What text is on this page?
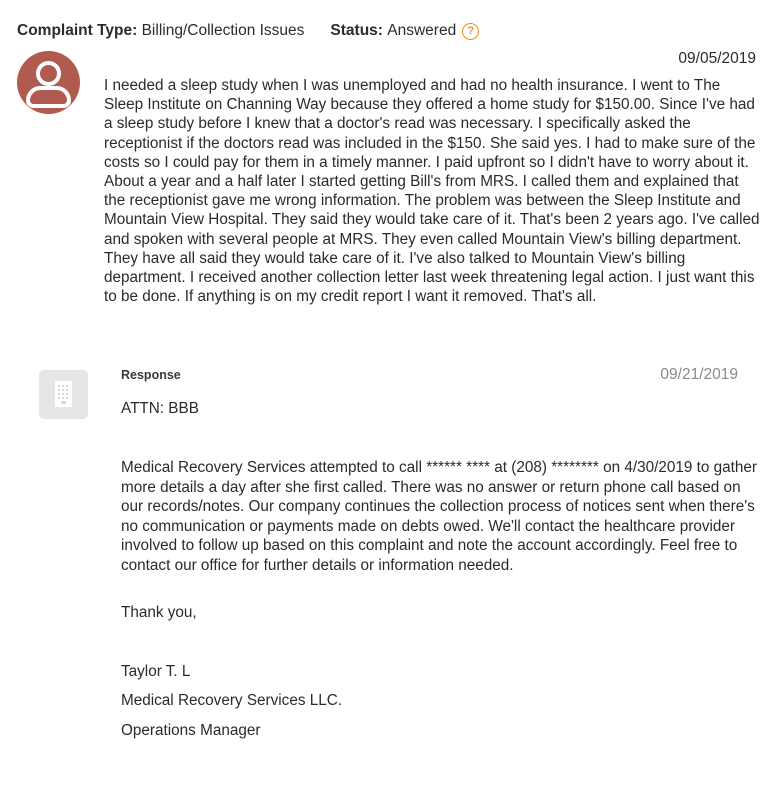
Complaint Type:
Billing/Collection Issues Status:
Answered	?
09/05/2019
I needed a sleep study when I was unemployed and had no health insurance. I went to The Sleep Institute on Channing Way because they offered a home study for $150.00. Since I've had a sleep study before I knew that a doctor's read was necessary. I specifically asked the receptionist if the doctors read was included in the $150. She said yes. I had to make sure of the costs so I could pay for them in a timely manner. I paid upfront so I didn't have to worry about it. About a year and a half later I started getting Bill's from MRS. I called them and explained that the receptionist gave me wrong information. The problem was between the Sleep Institute and Mountain View Hospital. They said they would take care of it. That's been 2 years ago. I've called and spoken with several people at MRS. They even called Mountain View's billing department. They have all said they would take care of it. I've also talked to Mountain View's billing department. I received another collection letter last week threatening legal action. I just want this to be done. If anything is on my credit report I want it removed. That's all.
Response	09/21/2019
ATTN: BBB
Medical Recovery Services attempted to call ****** **** at (208) ******** on 4/30/2019 to gather more details a day after she first called. There was no answer or return phone call based on our records/notes. Our company continues the collection process of notices sent when there's no communication or payments made on debts owed. We'll contact the healthcare provider involved to follow up based on this complaint and note the account accordingly. Feel free to contact our office for further details or information needed.
Thank you,
Taylor T. L
Medical Recovery Services LLC.
Operations Manager
